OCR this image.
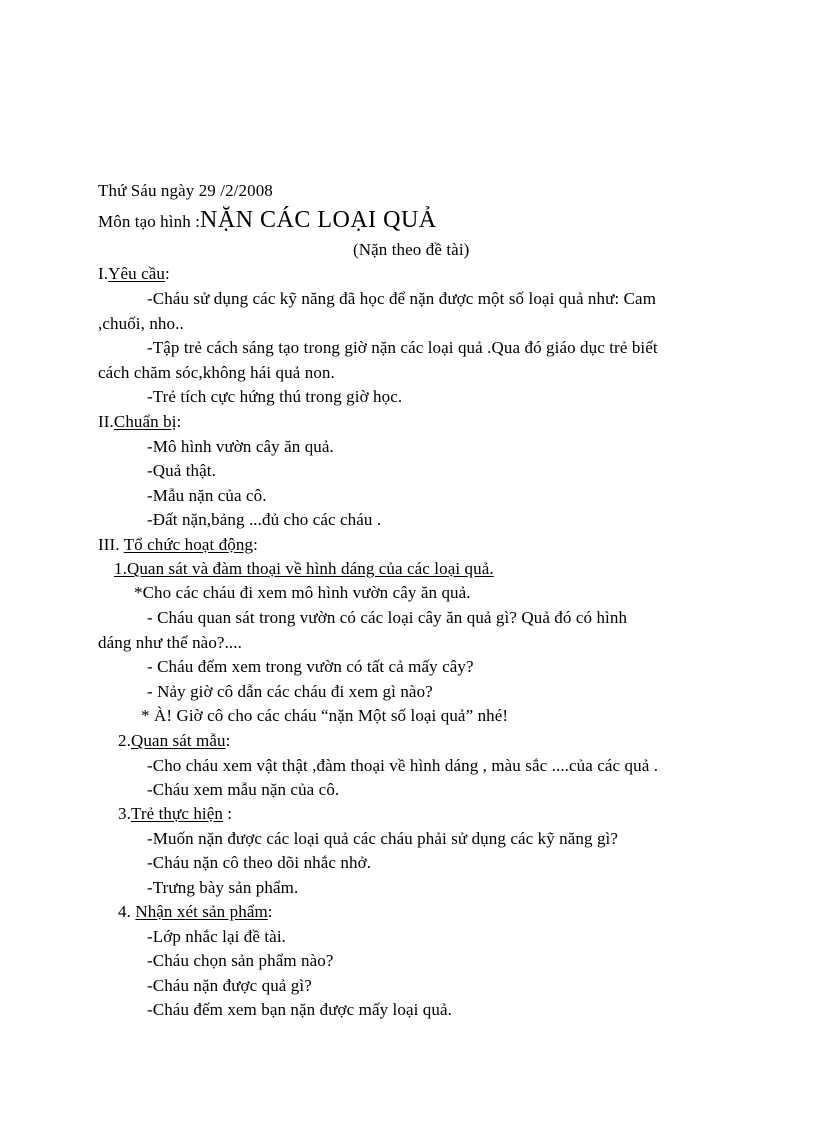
Thứ Sáu ngày 29 /2/2008
Môn tạo hình :NẶN CÁC LOẠI QUẢ
(Nặn theo đề tài)
I.Yêu cầu:
-Cháu sử dụng các kỹ năng đã học để nặn được một số loại quả như: Cam
,chuối, nho..
-Tập trẻ cách sáng tạo trong giờ nặn các loại quả .Qua đó giáo dục trẻ biết
cách chăm sóc,không hái quả non.
-Trẻ tích cực hứng thú trong giờ học.
II.Chuẩn bị:
-Mô hình vườn cây ăn quả.
-Quả thật.
-Mẫu nặn của cô.
-Đất nặn,bảng ...đủ cho các cháu .
III. Tổ chức hoạt động:
1.Quan sát và đàm thoại về hình dáng của các loại quả.
*Cho các cháu đi xem mô hình vườn cây ăn quả.
- Cháu quan sát trong vườn có các loại cây ăn quả gì? Quả đó có hình
dáng như thế nào?....
- Cháu đếm xem trong vườn có tất cả mấy cây?
- Nảy giờ cô dẫn các cháu đi xem gì nào?
* À! Giờ cô cho các cháu “nặn Một số loại quả” nhé!
2.Quan sát mẫu:
-Cho cháu xem vật thật ,đàm thoại về hình dáng , màu sắc ....của các quả .
-Cháu xem mẫu nặn của cô.
3.Trẻ thực hiện :
-Muốn nặn được các loại quả các cháu phải sử dụng các kỹ năng gì?
-Cháu nặn cô theo dõi nhắc nhở.
-Trưng bày sản phẩm.
4. Nhận xét sản phẩm:
-Lớp nhắc lại đề tài.
-Cháu chọn sản phẩm nào?
-Cháu nặn được quả gì?
-Cháu đếm xem bạn nặn được mấy loại quả.
